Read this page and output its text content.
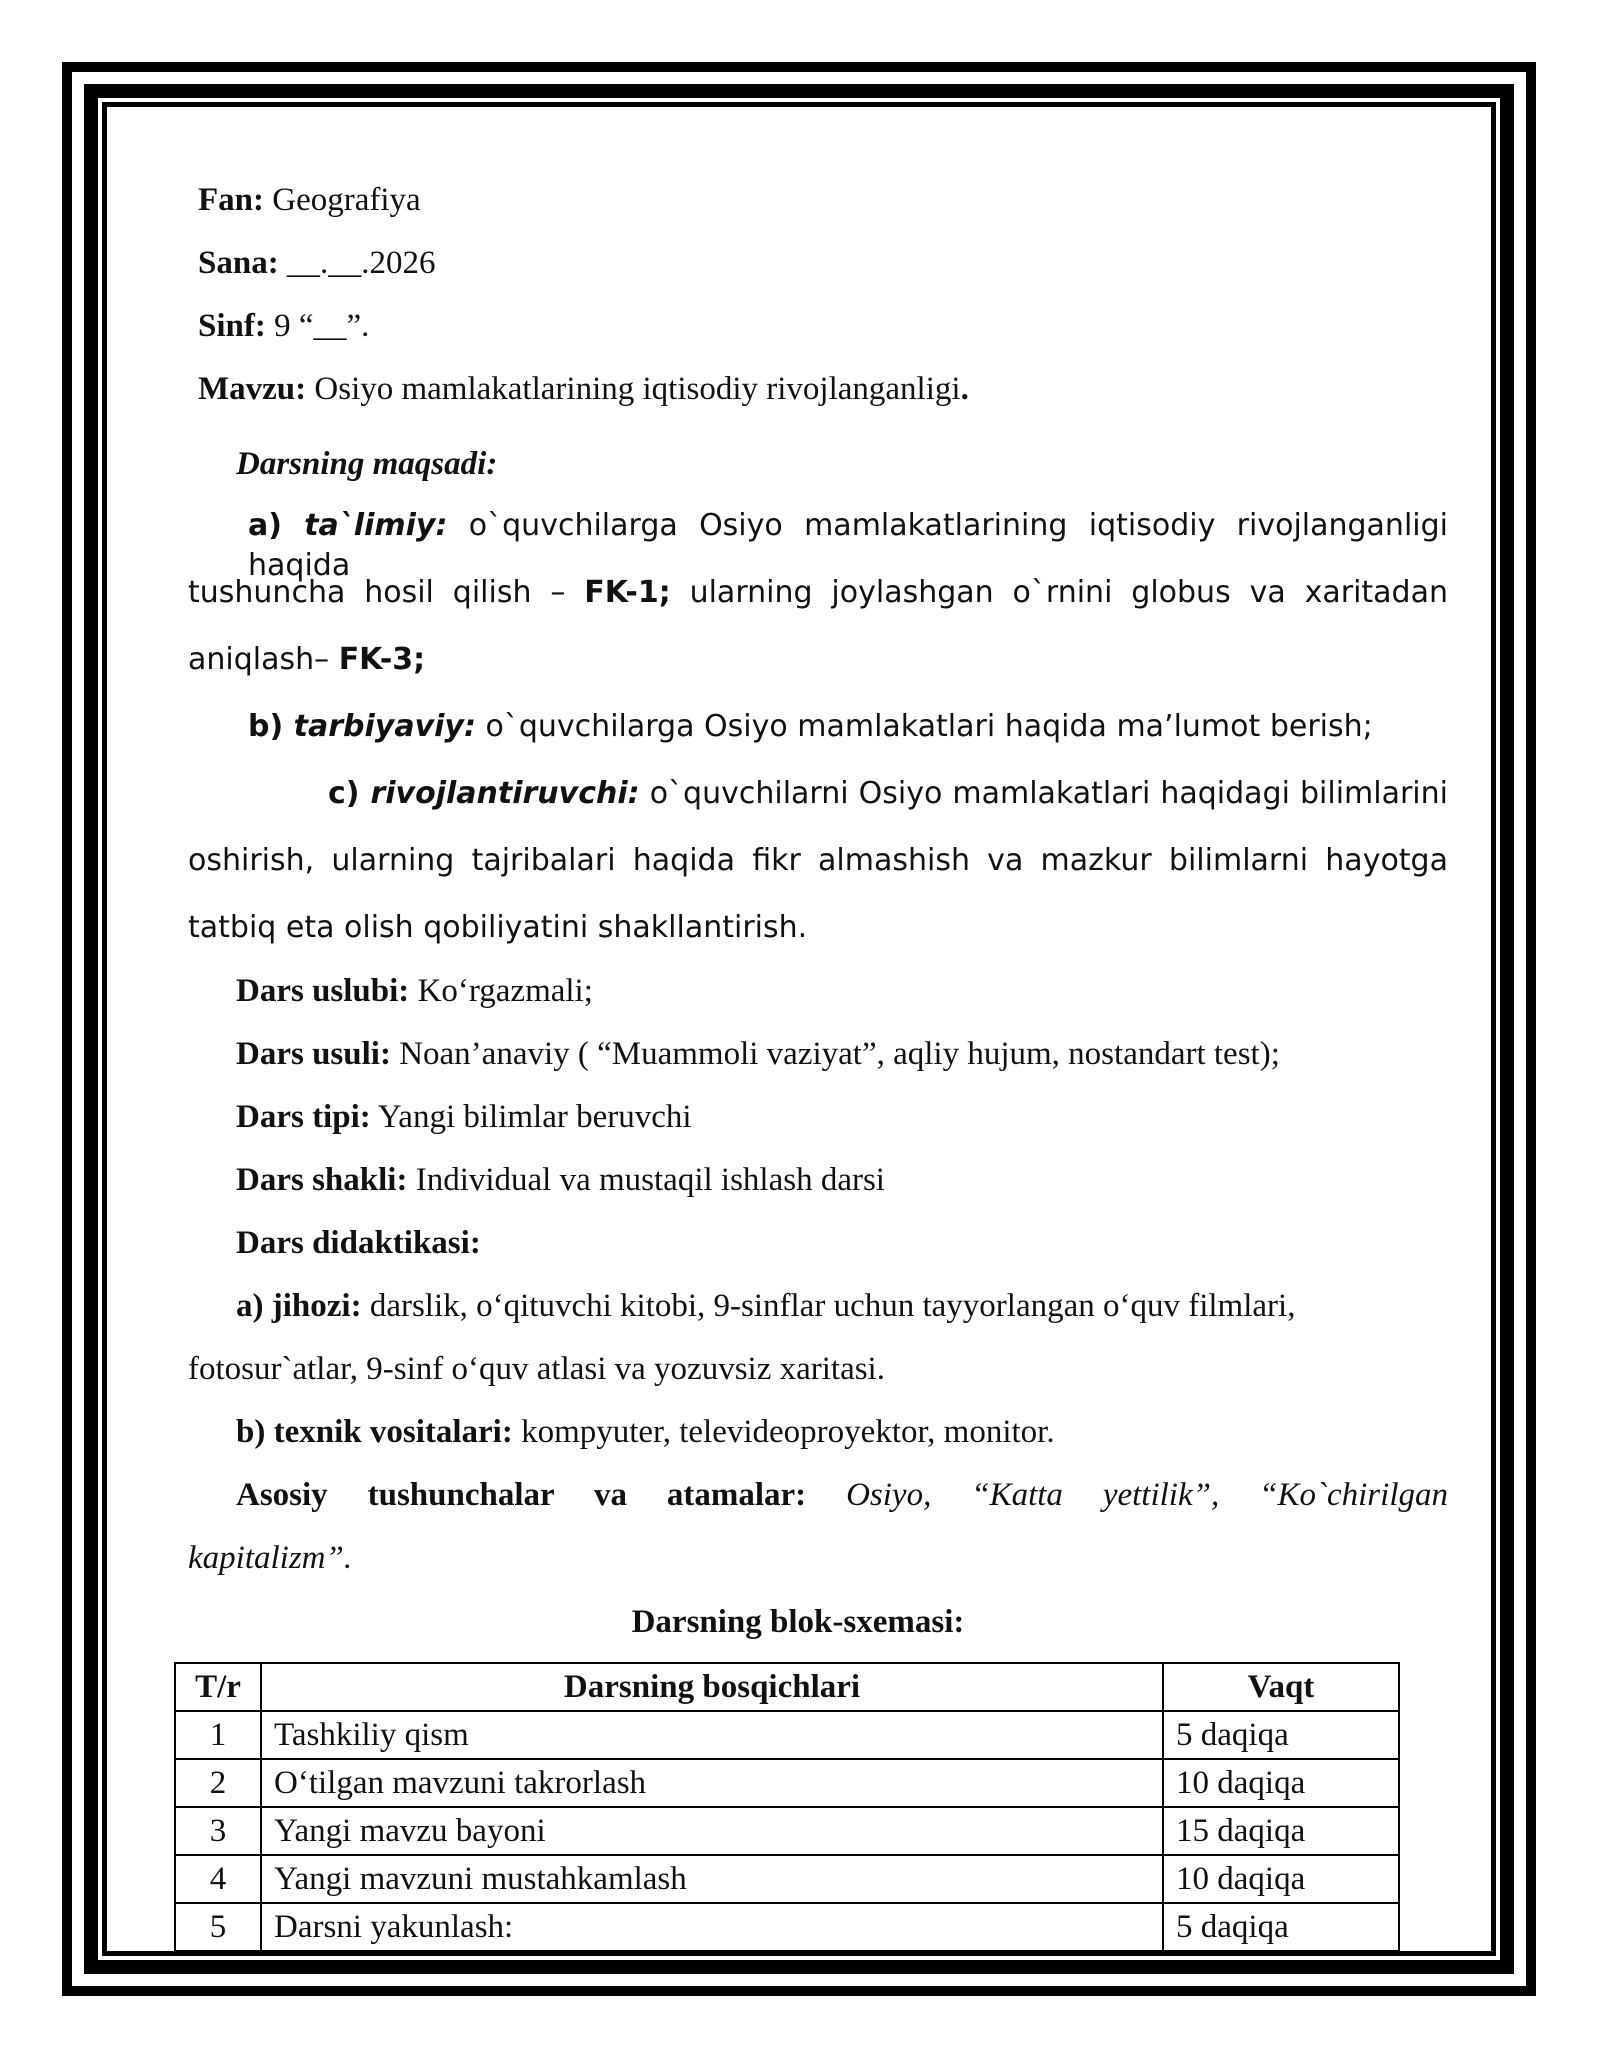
Fan: Geografiya
Sana: __.__.2026
Sinf: 9 “__”.
Mavzu: Osiyo mamlakatlarining iqtisodiy rivojlanganligi.
Darsning maqsadi:
a) ta`limiy: o`quvchilarga Osiyo mamlakatlarining iqtisodiy rivojlanganligi haqida
tushuncha hosil qilish – FK-1; ularning joylashgan o`rnini globus va xaritadan
aniqlash– FK-3;
b) tarbiyaviy: o`quvchilarga Osiyo mamlakatlari haqida ma’lumot berish;
c) rivojlantiruvchi: o`quvchilarni Osiyo mamlakatlari haqidagi bilimlarini
oshirish, ularning tajribalari haqida fikr almashish va mazkur bilimlarni hayotga
tatbiq eta olish qobiliyatini shakllantirish.
Dars uslubi: Ko‘rgazmali;
Dars usuli: Noan’anaviy ( “Muammoli vaziyat”, aqliy hujum, nostandart test);
Dars tipi: Yangi bilimlar beruvchi
Dars shakli: Individual va mustaqil ishlash darsi
Dars didaktikasi:
a) jihozi: darslik, o‘qituvchi kitobi, 9-sinflar uchun tayyorlangan o‘quv filmlari,
fotosur`atlar, 9-sinf o‘quv atlasi va yozuvsiz xaritasi.
b) texnik vositalari: kompyuter, televideoproyektor, monitor.
Asosiy tushunchalar va atamalar: Osiyo, “Katta yettilik”, “Ko`chirilgan
kapitalizm”.
Darsning blok-sxemasi:
T/r	Darsning bosqichlari	Vaqt
1	Tashkiliy qism	5 daqiqa
2	O‘tilgan mavzuni takrorlash	10 daqiqa
3	Yangi mavzu bayoni	15 daqiqa
4	Yangi mavzuni mustahkamlash	10 daqiqa
5	Darsni yakunlash:	5 daqiqa
